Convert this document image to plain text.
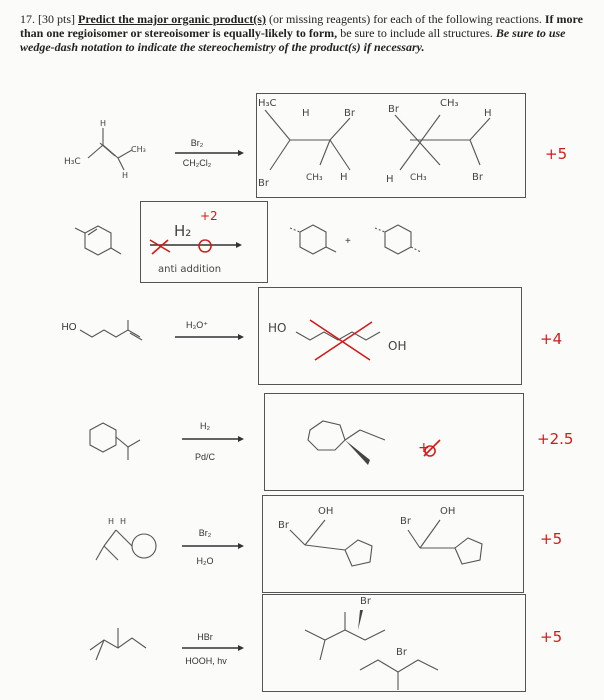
17. [30 pts] Predict the major organic product(s) (or missing reagents) for each of the following reactions. If more than one regioisomer or stereoisomer is equally-likely to form, be sure to include all structures. Be sure to use wedge-dash notation to indicate the stereochemistry of the product(s) if necessary.
Br₂
CH₂Cl₂
H₃O⁺
H₂
Pd/C
Br₂
H₂O
HBr
HOOH, hv
HO
+5
+4
+2.5
+5
+5
H₃C
CH₃
H
H
H₃C
H	Br
Br	CH₃ H
Br
CH₃
H
H CH₃	Br
H₂
+2
anti addition
+
HO
OH
+
H H	Br
OH
Br
OH
Br
Br
